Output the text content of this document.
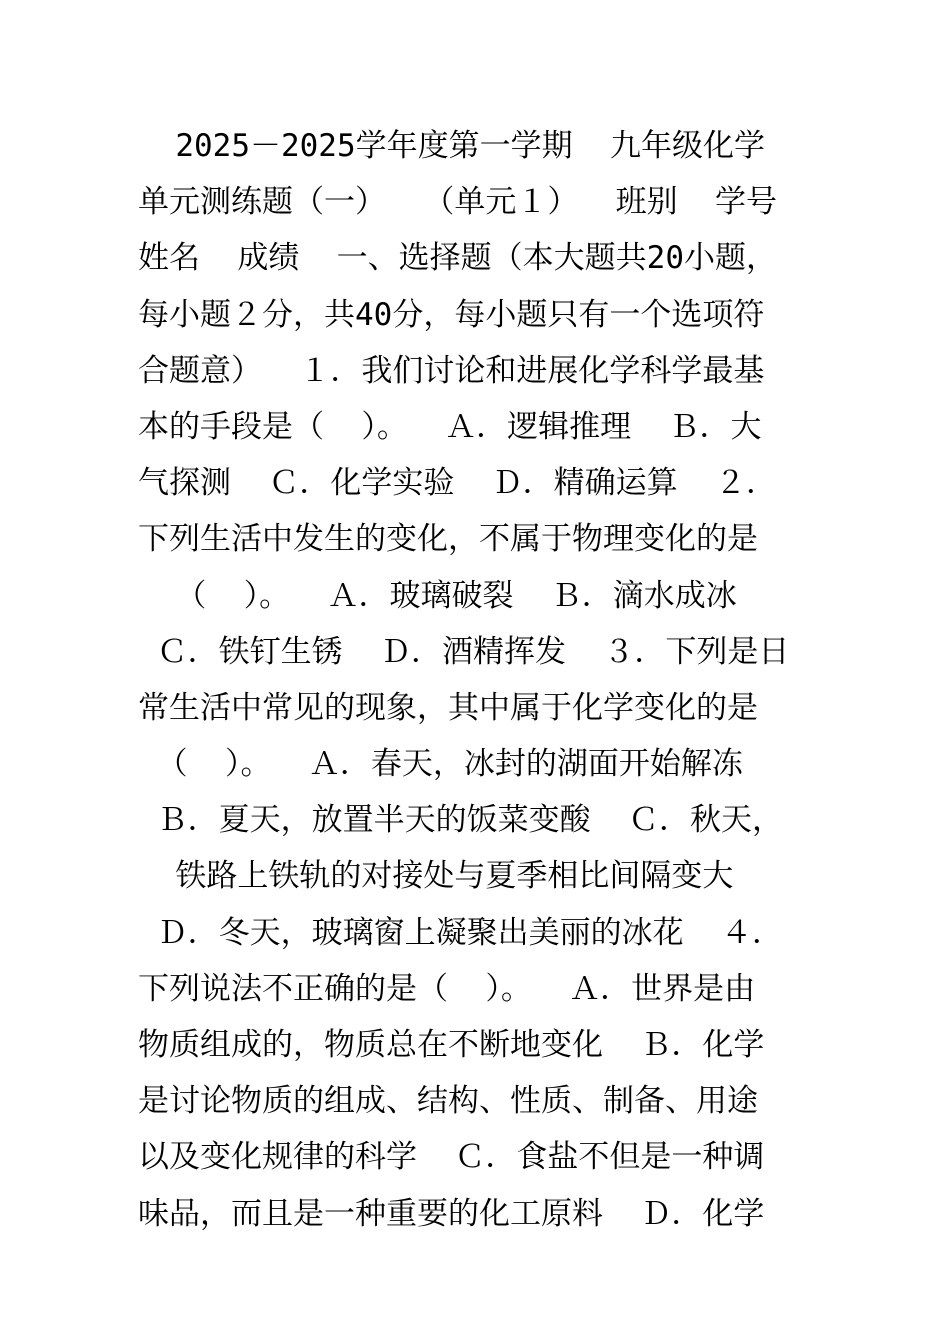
2025－2025学年度第一学期  九年级化学
单元测练题（一）  （单元１）  班别  学号
姓名  成绩  一、选择题（本大题共20小题，
每小题２分，共40分，每小题只有一个选项符
合题意）  １．我们讨论和进展化学科学最基
本的手段是（  ）。  Ａ．逻辑推理  Ｂ．大
气探测  Ｃ．化学实验  Ｄ．精确运算  ２．
下列生活中发生的变化，不属于物理变化的是
（  ）。  Ａ．玻璃破裂  Ｂ．滴水成冰
Ｃ．铁钉生锈  Ｄ．酒精挥发  ３．下列是日
常生活中常见的现象，其中属于化学变化的是
（  ）。  Ａ．春天，冰封的湖面开始解冻
Ｂ．夏天，放置半天的饭菜变酸  Ｃ．秋天，
铁路上铁轨的对接处与夏季相比间隔变大
Ｄ．冬天，玻璃窗上凝聚出美丽的冰花  ４．
下列说法不正确的是（  ）。  Ａ．世界是由
物质组成的，物质总在不断地变化  Ｂ．化学
是讨论物质的组成、结构、性质、制备、用途
以及变化规律的科学  Ｃ．食盐不但是一种调
味品，而且是一种重要的化工原料  Ｄ．化学
